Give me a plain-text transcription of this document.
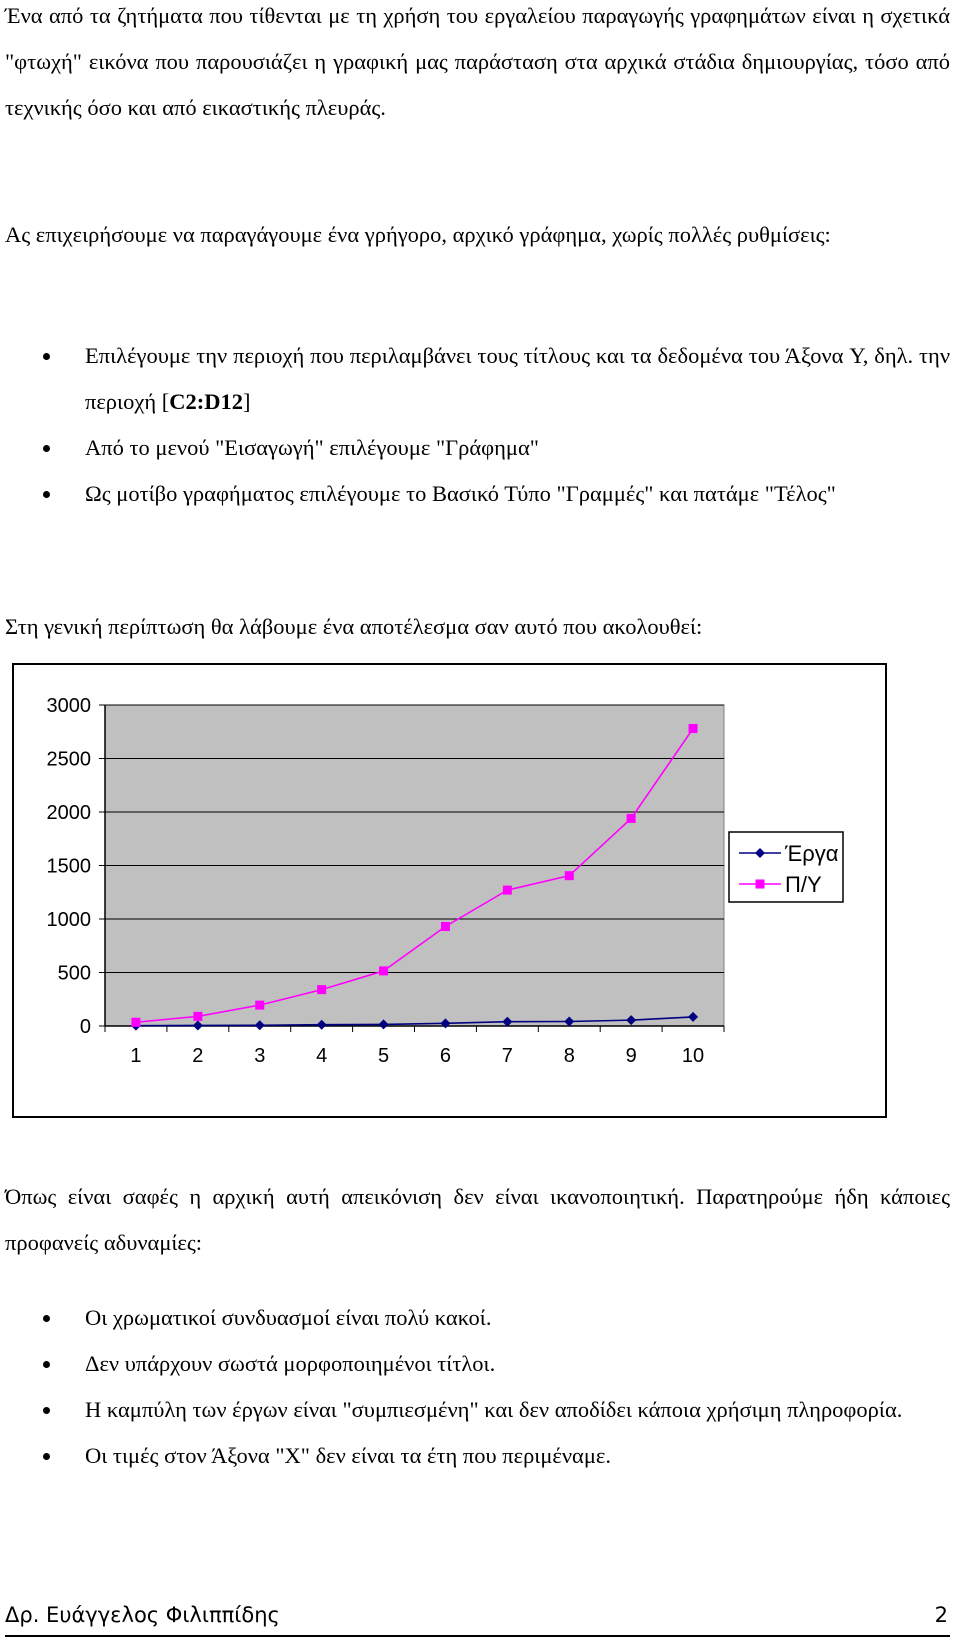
Ένα από τα ζητήματα που τίθενται με τη χρήση του εργαλείου παραγωγής γραφημάτων είναι η σχετικά "φτωχή" εικόνα που παρουσιάζει η γραφική μας παράσταση στα αρχικά στάδια δημιουργίας, τόσο από τεχνικής όσο και από εικαστικής πλευράς.

Ας επιχειρήσουμε να παραγάγουμε ένα γρήγορο, αρχικό γράφημα, χωρίς πολλές ρυθμίσεις:

Επιλέγουμε την περιοχή που περιλαμβάνει τους τίτλους και τα δεδομένα του Άξονα Y, δηλ. την περιοχή [C2:D12]
Από το μενού "Εισαγωγή" επιλέγουμε "Γράφημα"
Ως μοτίβο γραφήματος επιλέγουμε το Βασικό Τύπο "Γραμμές" και πατάμε "Τέλος"

Στη γενική περίπτωση θα λάβουμε ένα αποτέλεσμα σαν αυτό που ακολουθεί:

Όπως είναι σαφές η αρχική αυτή απεικόνιση δεν είναι ικανοποιητική. Παρατηρούμε ήδη κάποιες προφανείς αδυναμίες:

Οι χρωματικοί συνδυασμοί είναι πολύ κακοί.
Δεν υπάρχουν σωστά μορφοποιημένοι τίτλοι.
Η καμπύλη των έργων είναι "συμπιεσμένη" και δεν αποδίδει κάποια χρήσιμη πληροφορία.
Οι τιμές στον Άξονα "X" δεν είναι τα έτη που περιμέναμε.
0
500
1000
1500
2000
2500
3000
1	2	3	4	5	6	7	8	9 10
Έργα
Π/Υ
Δρ. Ευάγγελος Φιλιππίδης	2
